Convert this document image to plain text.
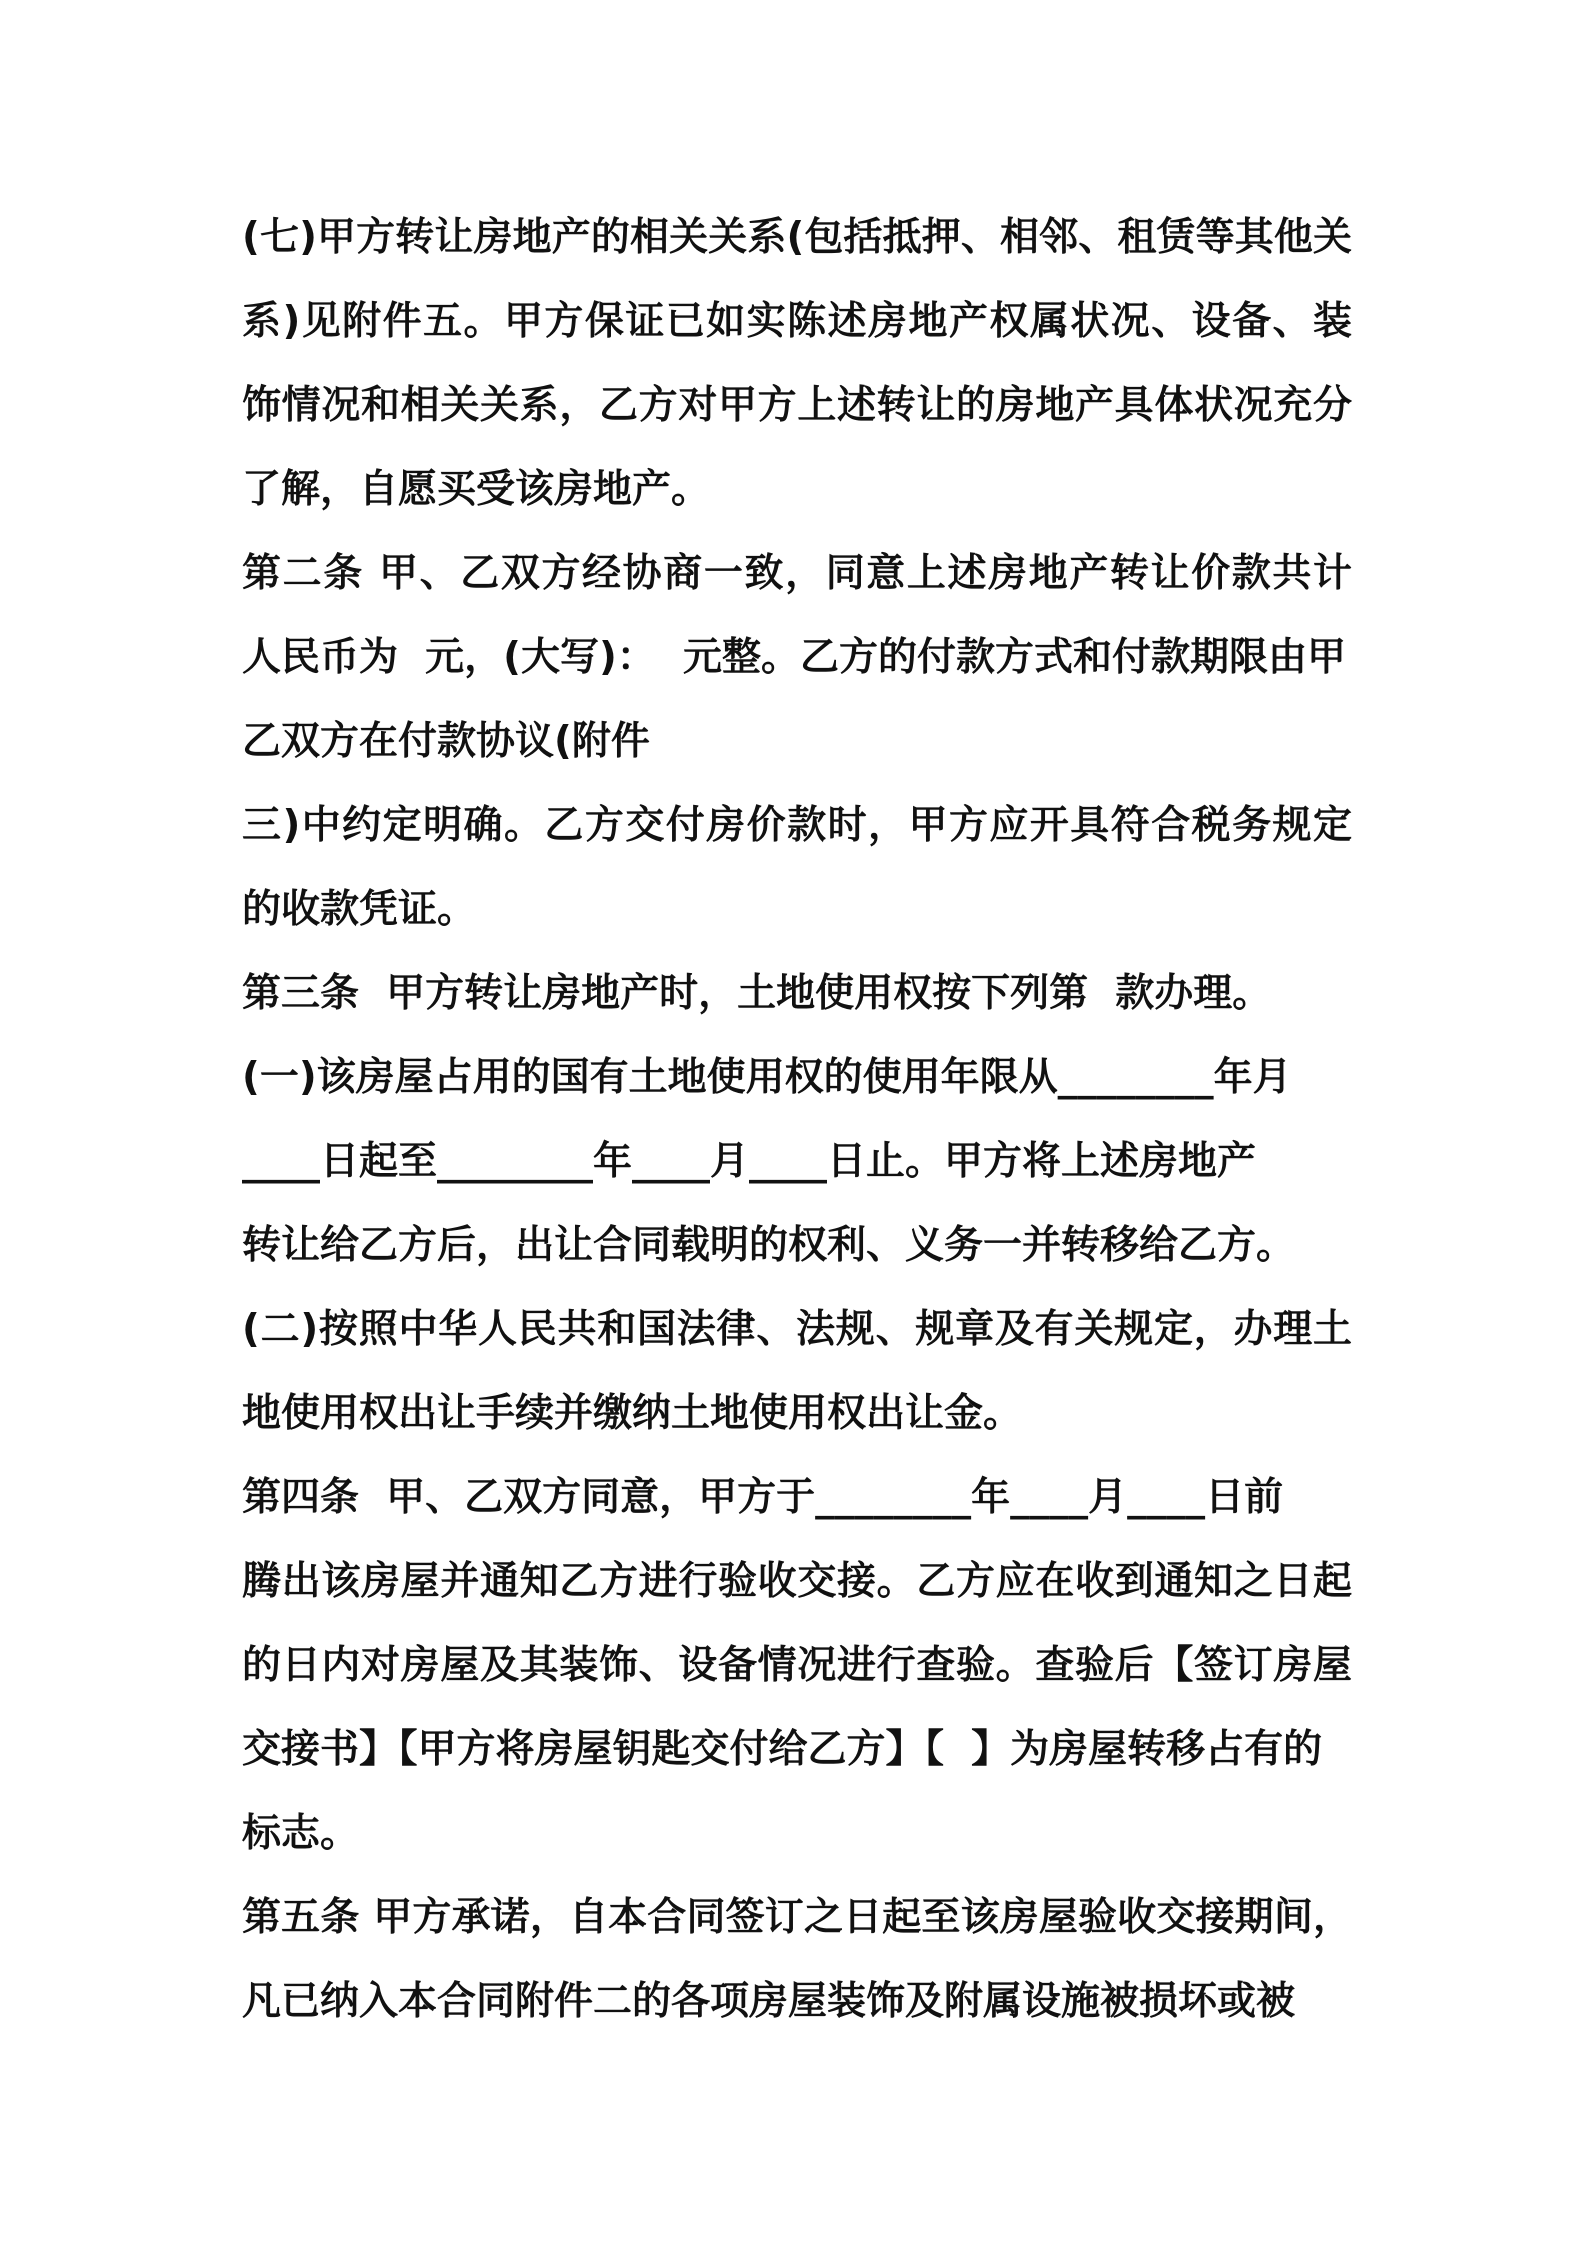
(七)甲方转让房地产的相关关系(包括抵押、相邻、租赁等其他关
系)见附件五。甲方保证已如实陈述房地产权属状况、设备、装
饰情况和相关关系，乙方对甲方上述转让的房地产具体状况充分
了解，自愿买受该房地产。
第二条 甲、乙双方经协商一致，同意上述房地产转让价款共计
人民币为  元，(大写)：  元整。乙方的付款方式和付款期限由甲
乙双方在付款协议(附件
三)中约定明确。乙方交付房价款时，甲方应开具符合税务规定
的收款凭证。
第三条  甲方转让房地产时，土地使用权按下列第  款办理。
(一)该房屋占用的国有土地使用权的使用年限从________年月
____日起至________年____月____日止。甲方将上述房地产
转让给乙方后，出让合同载明的权利、义务一并转移给乙方。
(二)按照中华人民共和国法律、法规、规章及有关规定，办理土
地使用权出让手续并缴纳土地使用权出让金。
第四条  甲、乙双方同意，甲方于________年____月____日前
腾出该房屋并通知乙方进行验收交接。乙方应在收到通知之日起
的日内对房屋及其装饰、设备情况进行查验。查验后【签订房屋
交接书】【甲方将房屋钥匙交付给乙方】【  】为房屋转移占有的
标志。
第五条 甲方承诺，自本合同签订之日起至该房屋验收交接期间，
凡已纳入本合同附件二的各项房屋装饰及附属设施被损坏或被
